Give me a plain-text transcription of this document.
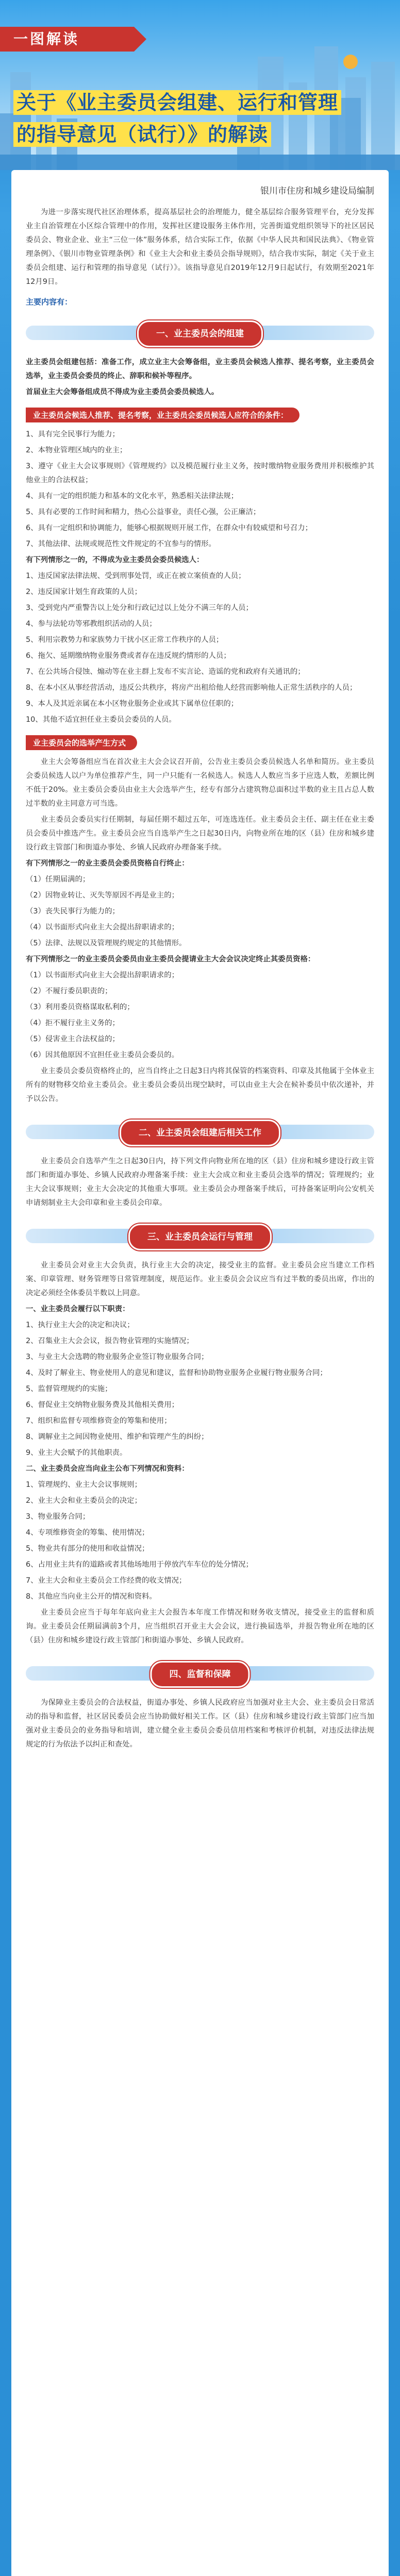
一图解读
关于《业主委员会组建、运行和管理
的指导意见（试行）》的解读
银川市住房和城乡建设局编制

为进一步落实现代社区治理体系，提高基层社会的治理能力，健全基层综合服务管理平台，充分发挥业主自治管理在小区综合管理中的作用，发挥社区建设服务主体作用，完善街道党组织领导下的社区居民委员会、物业企业、业主“三位一体”服务体系，结合实际工作，依据《中华人民共和国民法典》、《物业管理条例》、《银川市物业管理条例》和《业主大会和业主委员会指导规则》，结合我市实际，制定《关于业主委员会组建、运行和管理的指导意见（试行）》。该指导意见自2019年12月9日起试行，有效期至2021年12月9日。

主要内容有：
一、业主委员会的组建

业主委员会组建包括：准备工作，成立业主大会筹备组，业主委员会候选人推荐、提名考察，业主委员会选举，业主委员会委员的终止、辞职和候补等程序。

首届业主大会筹备组成员不得成为业主委员会委员候选人。

业主委员会候选人推荐、提名考察，业主委员会委员候选人应符合的条件：

1、具有完全民事行为能力；

2、本物业管理区域内的业主；

3、遵守《业主大会议事规则》《管理规约》以及模范履行业主义务，按时缴纳物业服务费用并积极维护其他业主的合法权益；

4、具有一定的组织能力和基本的文化水平，熟悉相关法律法规；

5、具有必要的工作时间和精力，热心公益事业，责任心强，公正廉洁；

6、具有一定组织和协调能力，能够心根据规则开展工作，在群众中有较威望和号召力；

7、其他法律、法规或规范性文件规定的不宜参与的情形。

有下列情形之一的，不得成为业主委员会委员候选人：

1、违反国家法律法规、受到刑事处罚，或正在被立案侦查的人员；

2、违反国家计划生育政策的人员；

3、受到党内严重警告以上处分和行政记过以上处分不满三年的人员；

4、参与法轮功等邪教组织活动的人员；

5、利用宗教势力和家族势力干扰小区正常工作秩序的人员；

6、拖欠、延期缴纳物业服务费或者存在违反规约情形的人员；

7、在公共场合侵蚀、煽动等在业主群上发布不实言论、造谣的党和政府有关通讯的；

8、在本小区从事经营活动，违反公共秩序，将房产出租给他人经营而影响他人正常生活秩序的人员；

9、本人及其近亲属在本小区物业服务企业或其下属单位任职的；

10、其他不适宜担任业主委员会委员的人员。

业主委员会的选举产生方式

业主大会筹备组应当在首次业主大会会议召开前，公告业主委员会委员候选人名单和简历。业主委员会委员候选人以户为单位推荐产生，同一户只能有一名候选人。候选人人数应当多于应选人数，差额比例不低于20%。业主委员会委员由业主大会选举产生，经专有部分占建筑物总面积过半数的业主且占总人数过半数的业主同意方可当选。

业主委员会委员实行任期制，每届任期不超过五年，可连选连任。业主委员会主任、副主任在业主委员会委员中推选产生。业主委员会应当自选举产生之日起30日内，向物业所在地的区（县）住房和城乡建设行政主管部门和街道办事处、乡镇人民政府办理备案手续。

有下列情形之一的业主委员会委员资格自行终止：

（1）任期届满的；

（2）因物业转让、灭失等原因不再是业主的；

（3）丧失民事行为能力的；

（4）以书面形式向业主大会提出辞职请求的；

（5）法律、法规以及管理规约规定的其他情形。

有下列情形之一的业主委员会委员由业主委员会提请业主大会会议决定终止其委员资格：

（1）以书面形式向业主大会提出辞职请求的；

（2）不履行委员职责的；

（3）利用委员资格谋取私利的；

（4）拒不履行业主义务的；

（5）侵害业主合法权益的；

（6）因其他原因不宜担任业主委员会委员的。

业主委员会委员资格终止的，应当自终止之日起3日内将其保管的档案资料、印章及其他属于全体业主所有的财物移交给业主委员会。业主委员会委员出现空缺时，可以由业主大会在候补委员中依次递补，并予以公告。

二、业主委员会组建后相关工作

业主委员会自选举产生之日起30日内，持下列文件向物业所在地的区（县）住房和城乡建设行政主管部门和街道办事处、乡镇人民政府办理备案手续：业主大会成立和业主委员会选举的情况；管理规约；业主大会议事规则；业主大会决定的其他重大事项。业主委员会办理备案手续后，可持备案证明向公安机关申请刻制业主大会印章和业主委员会印章。

三、业主委员会运行与管理

业主委员会对业主大会负责，执行业主大会的决定，接受业主的监督。业主委员会应当建立工作档案、印章管理、财务管理等日常管理制度，规范运作。业主委员会会议应当有过半数的委员出席，作出的决定必须经全体委员半数以上同意。

一、业主委员会履行以下职责：

1、执行业主大会的决定和决议；

2、召集业主大会会议，报告物业管理的实施情况；

3、与业主大会选聘的物业服务企业签订物业服务合同；

4、及时了解业主、物业使用人的意见和建议，监督和协助物业服务企业履行物业服务合同；

5、监督管理规约的实施；

6、督促业主交纳物业服务费及其他相关费用；

7、组织和监督专项维修资金的筹集和使用；

8、调解业主之间因物业使用、维护和管理产生的纠纷；

9、业主大会赋予的其他职责。

二、业主委员会应当向业主公布下列情况和资料：

1、管理规约、业主大会议事规则；

2、业主大会和业主委员会的决定；

3、物业服务合同；

4、专项维修资金的筹集、使用情况；

5、物业共有部分的使用和收益情况；

6、占用业主共有的道路或者其他场地用于停放汽车车位的处分情况；

7、业主大会和业主委员会工作经费的收支情况；

8、其他应当向业主公开的情况和资料。

业主委员会应当于每年年底向业主大会报告本年度工作情况和财务收支情况，接受业主的监督和质询。业主委员会任期届满前3个月，应当组织召开业主大会会议，进行换届选举，并报告物业所在地的区（县）住房和城乡建设行政主管部门和街道办事处、乡镇人民政府。

四、监督和保障

为保障业主委员会的合法权益，街道办事处、乡镇人民政府应当加强对业主大会、业主委员会日常活动的指导和监督，社区居民委员会应当协助做好相关工作。区（县）住房和城乡建设行政主管部门应当加强对业主委员会的业务指导和培训，建立健全业主委员会委员信用档案和考核评价机制，对违反法律法规规定的行为依法予以纠正和查处。
